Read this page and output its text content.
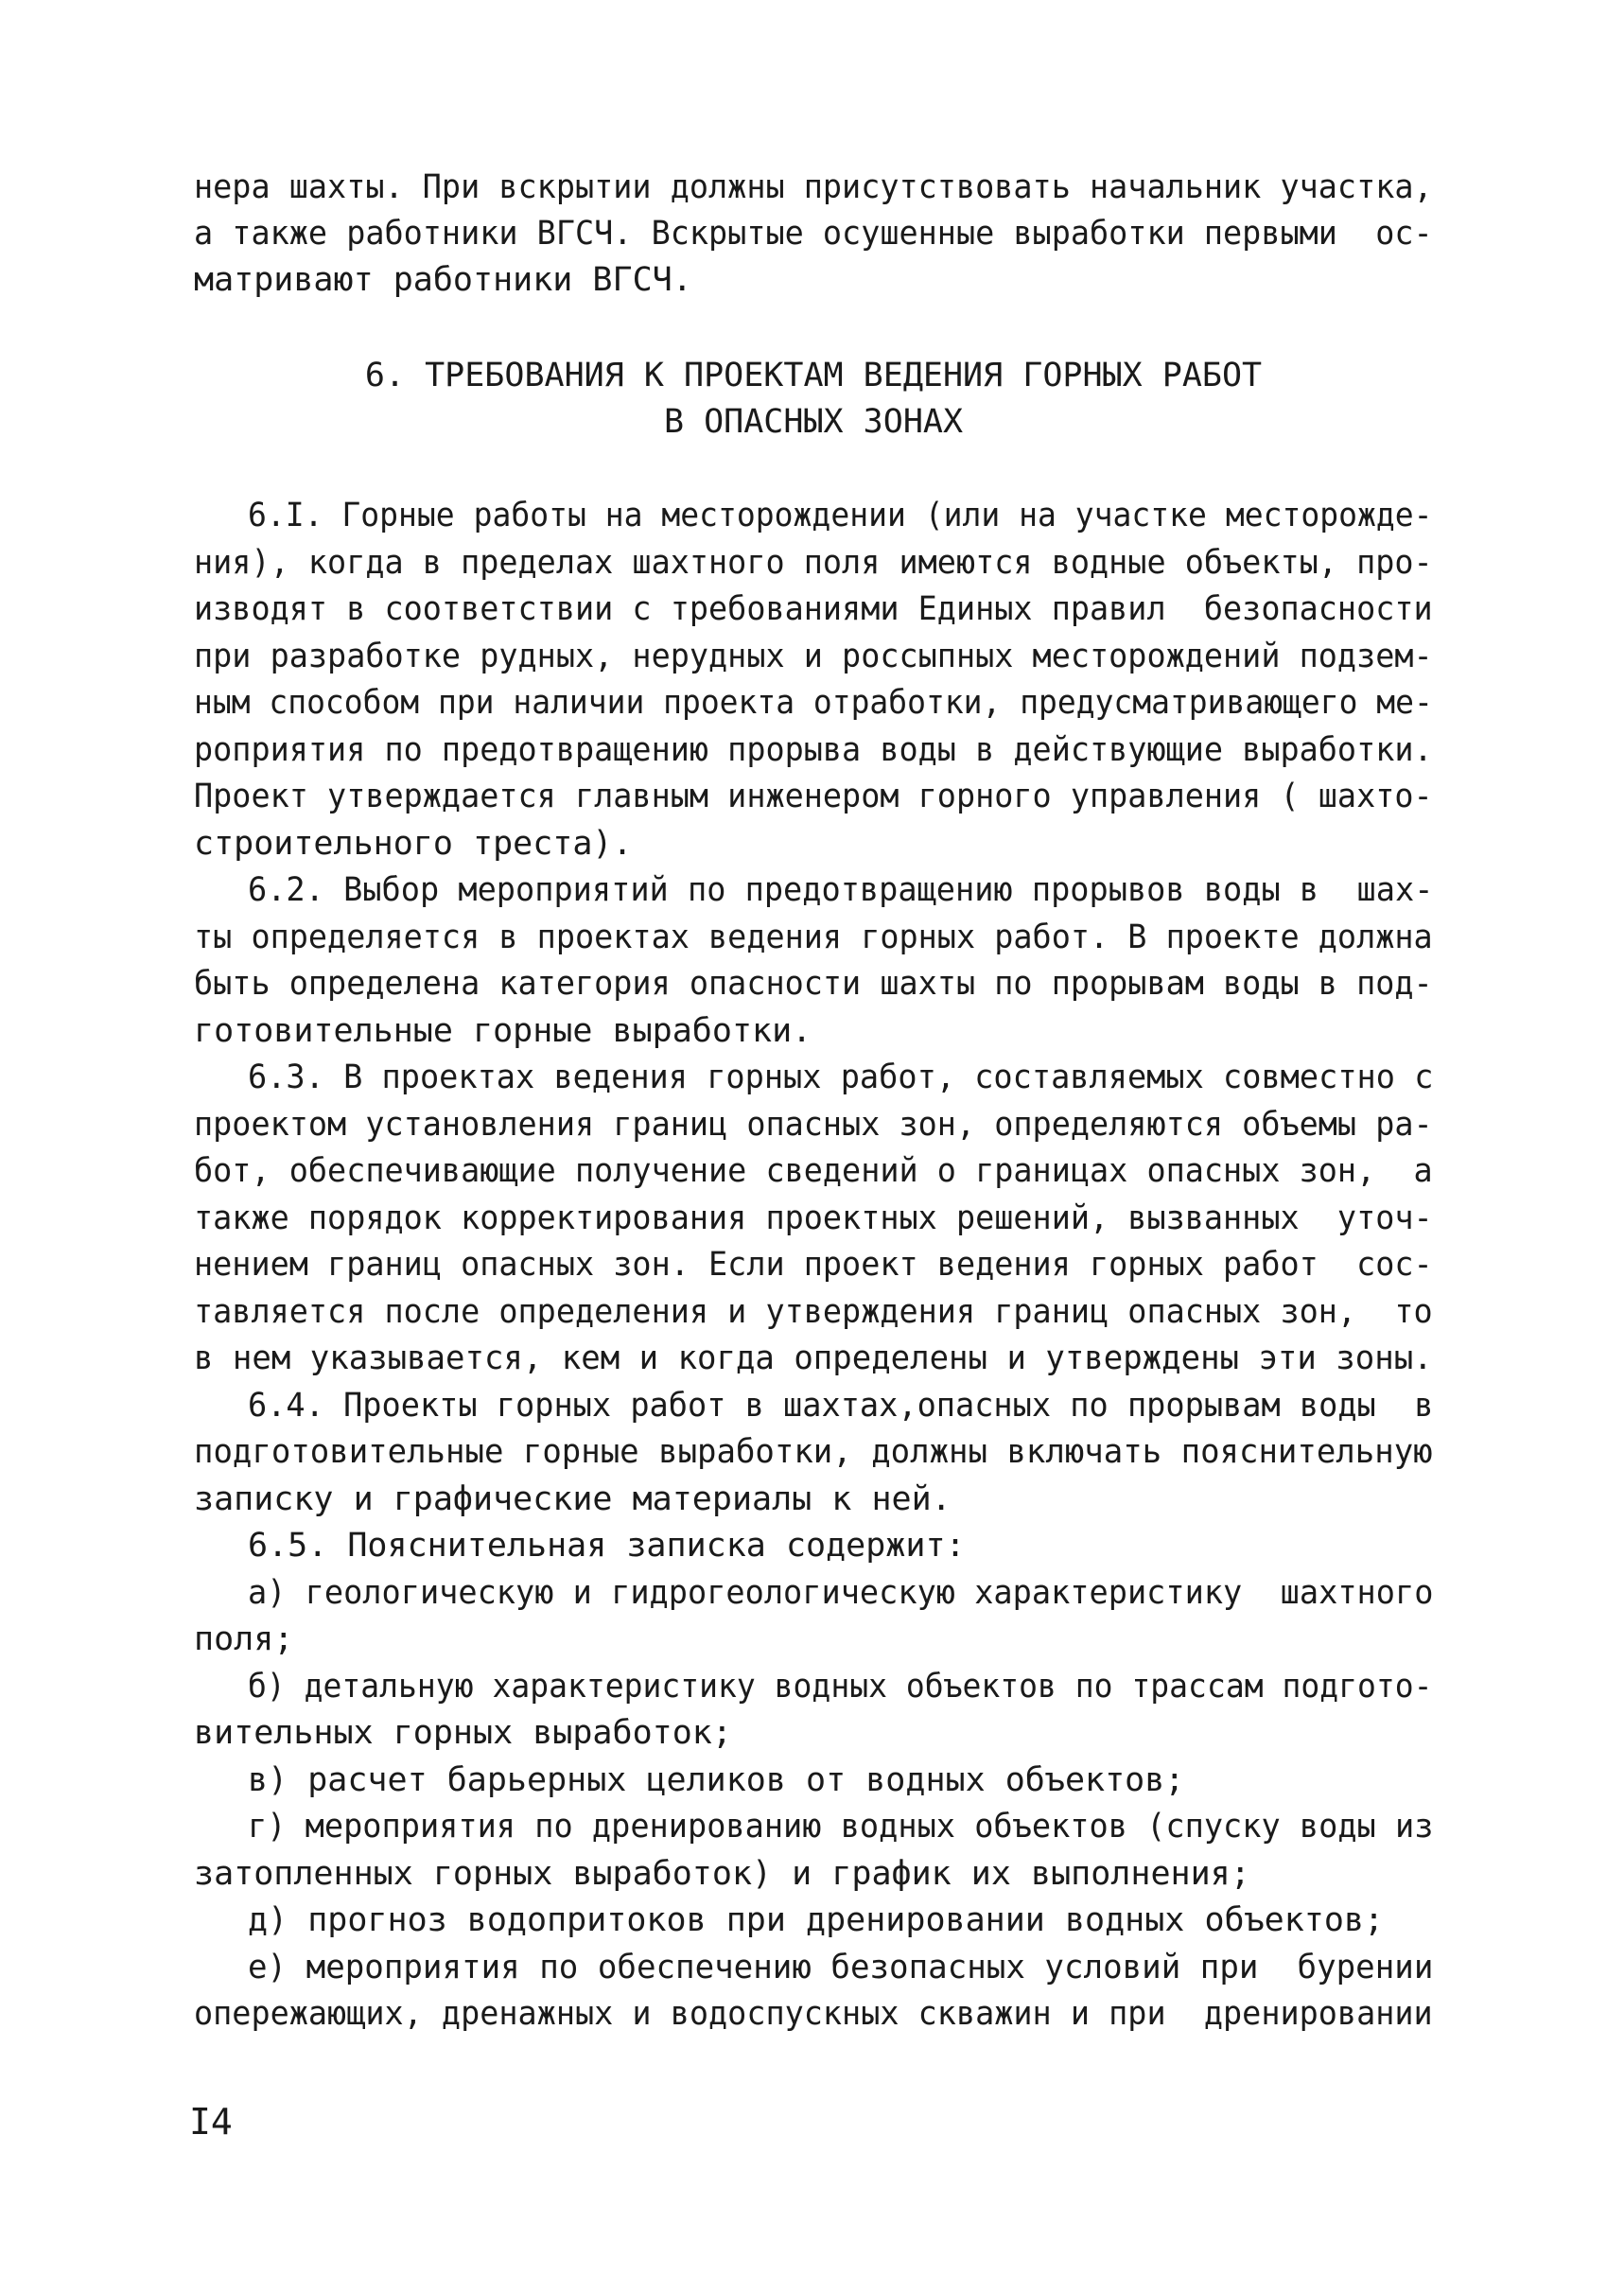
нера шахты. При вскрытии должны присутствовать начальник участка,
а также работники ВГСЧ. Вскрытые осушенные выработки первыми  ос-
матривают работники ВГСЧ.
6. ТРЕБОВАНИЯ К ПРОЕКТАМ ВЕДЕНИЯ ГОРНЫХ РАБОТ
В ОПАСНЫХ ЗОНАХ
6.I. Горные работы на месторождении (или на участке месторожде-
ния), когда в пределах шахтного поля имеются водные объекты, про-
изводят в соответствии с требованиями Единых правил  безопасности
при разработке рудных, нерудных и россыпных месторождений подзем-
ным способом при наличии проекта отработки, предусматривающего ме-
роприятия по предотвращению прорыва воды в действующие выработки.
Проект утверждается главным инженером горного управления ( шахто-
строительного треста).
6.2. Выбор мероприятий по предотвращению прорывов воды в  шах-
ты определяется в проектах ведения горных работ. В проекте должна
быть определена категория опасности шахты по прорывам воды в под-
готовительные горные выработки.
6.3. В проектах ведения горных работ, составляемых совместно с
проектом установления границ опасных зон, определяются объемы ра-
бот, обеспечивающие получение сведений о границах опасных зон,  а
также порядок корректирования проектных решений, вызванных  уточ-
нением границ опасных зон. Если проект ведения горных работ  сос-
тавляется после определения и утверждения границ опасных зон,  то
в нем указывается, кем и когда определены и утверждены эти зоны.
6.4. Проекты горных работ в шахтах,опасных по прорывам воды  в
подготовительные горные выработки, должны включать пояснительную
записку и графические материалы к ней.
6.5. Пояснительная записка содержит:
а) геологическую и гидрогеологическую характеристику  шахтного
поля;
б) детальную характеристику водных объектов по трассам подгото-
вительных горных выработок;
в) расчет барьерных целиков от водных объектов;
г) мероприятия по дренированию водных объектов (спуску воды из
затопленных горных выработок) и график их выполнения;
д) прогноз водопритоков при дренировании водных объектов;
е) мероприятия по обеспечению безопасных условий при  бурении
опережающих, дренажных и водоспускных скважин и при  дренировании
I4
